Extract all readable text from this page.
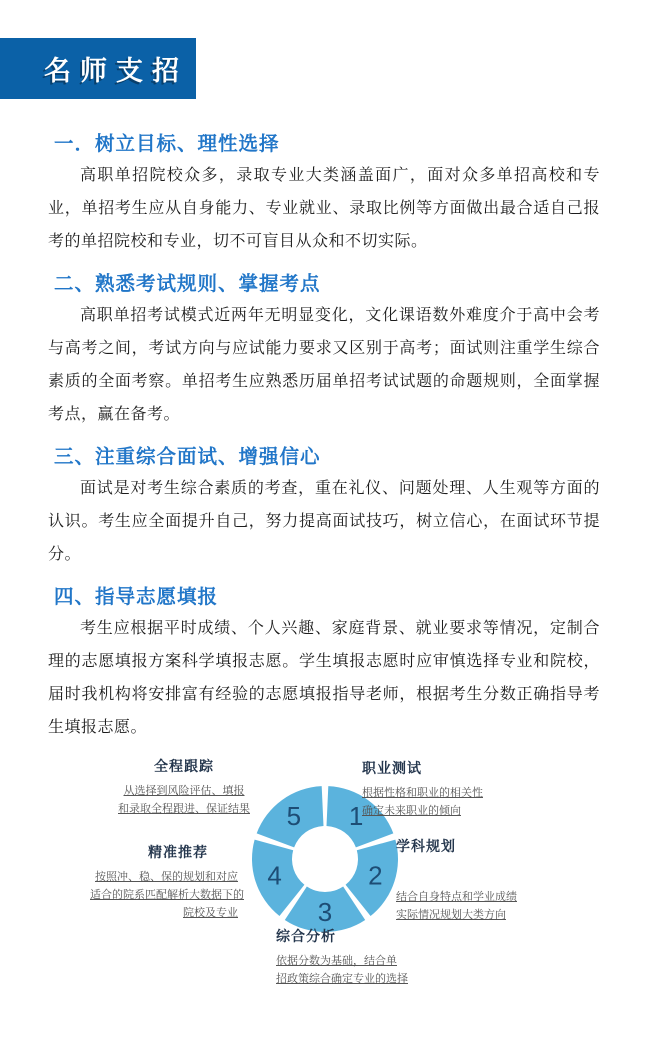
名师支招
一．树立目标、理性选择

高职单招院校众多，录取专业大类涵盖面广，面对众多单招高校和专业，单招考生应从自身能力、专业就业、录取比例等方面做出最合适自己报考的单招院校和专业，切不可盲目从众和不切实际。

二、熟悉考试规则、掌握考点

高职单招考试模式近两年无明显变化，文化课语数外难度介于高中会考与高考之间，考试方向与应试能力要求又区别于高考；面试则注重学生综合素质的全面考察。单招考生应熟悉历届单招考试试题的命题规则，全面掌握考点，赢在备考。

三、注重综合面试、增强信心

面试是对考生综合素质的考查，重在礼仪、问题处理、人生观等方面的认识。考生应全面提升自己，努力提高面试技巧，树立信心，在面试环节提分。

四、指导志愿填报

考生应根据平时成绩、个人兴趣、家庭背景、就业要求等情况，定制合理的志愿填报方案科学填报志愿。学生填报志愿时应审慎选择专业和院校，届时我机构将安排富有经验的志愿填报指导老师，根据考生分数正确指导考生填报志愿。

1
2
3
4
5
全程跟踪
从选择到风险评估、填报
和录取全程跟进、保证结果
职业测试
根据性格和职业的相关性
确定未来职业的倾向
学科规划
结合自身特点和学业成绩
实际情况规划大类方向
精准推荐
按照冲、稳、保的规划和对应
适合的院系匹配解析大数据下的
院校及专业
综合分析
依据分数为基础，结合单
招政策综合确定专业的选择
